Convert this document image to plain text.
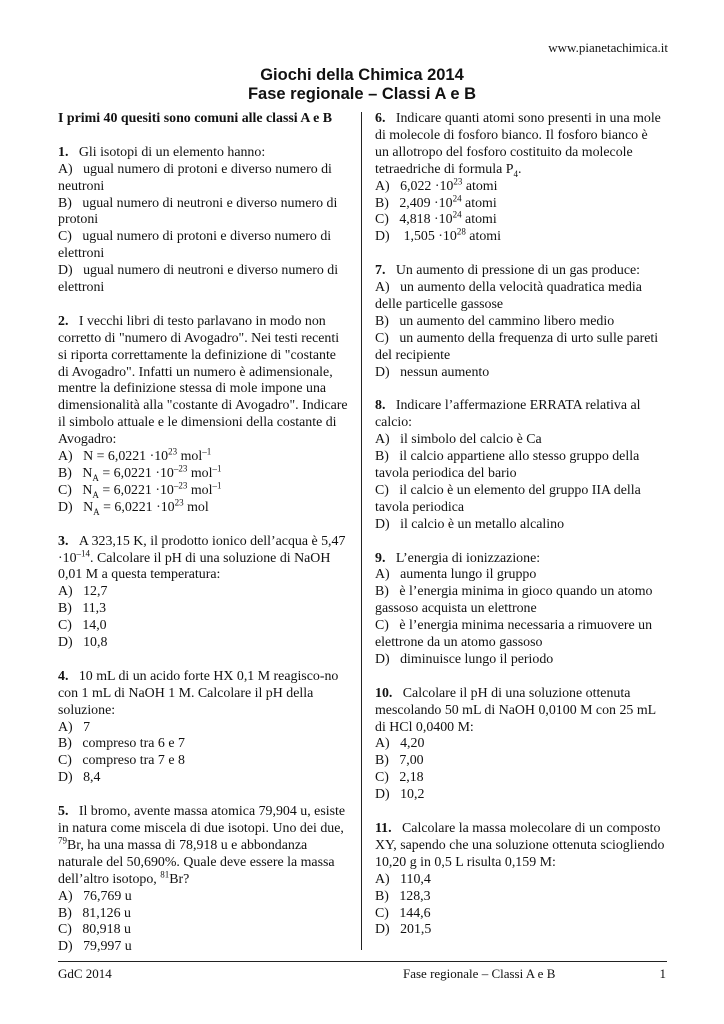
www.pianetachimica.it
Giochi della Chimica 2014
Fase regionale – Classi A e B
I primi 40 quesiti sono comuni alle classi A e B
1. Gli isotopi di un elemento hanno:
A) ugual numero di protoni e diverso numero di neutroni
B) ugual numero di neutroni e diverso numero di protoni
C) ugual numero di protoni e diverso numero di elettroni
D) ugual numero di neutroni e diverso numero di elettroni
2. I vecchi libri di testo parlavano in modo non corretto di "numero di Avogadro". Nei testi recenti si riporta correttamente la definizione di "costante di Avogadro". Infatti un numero è adimensionale, mentre la definizione stessa di mole impone una dimensionalità alla "costante di Avogadro". Indicare il simbolo attuale e le dimensioni della costante di Avogadro:
A) $N = 6,0221 \cdot 10^{23}$ mol$^{-1}$
B) $N_A = 6,0221 \cdot 10^{-23}$ mol$^{-1}$
C) $N_A = 6,0221 \cdot 10^{-23}$ mol$^{-1}$
D) $N_A = 6,0221 \cdot 10^{23}$ mol
3. A 323,15 K, il prodotto ionico dell’acqua è $5,47 \cdot 10^{-14}$. Calcolare il pH di una soluzione di NaOH 0,01 M a questa temperatura:
A) 12,7
B) 11,3
C) 14,0
D) 10,8
4. 10 mL di un acido forte HX 0,1 M reagisco-no con 1 mL di NaOH 1 M. Calcolare il pH della soluzione:
A) 7
B) compreso tra 6 e 7
C) compreso tra 7 e 8
D) 8,4
5. Il bromo, avente massa atomica 79,904 u, esiste in natura come miscela di due isotopi. Uno dei due, $^{79}$Br, ha una massa di 78,918 u e abbondanza naturale del 50,690%. Quale deve essere la massa dell’altro isotopo, $^{81}$Br?
A) 76,769 u
B) 81,126 u
C) 80,918 u
D) 79,997 u
6. Indicare quanti atomi sono presenti in una mole di molecole di fosforo bianco. Il fosforo bianco è un allotropo del fosforo costituito da molecole tetraedriche di formula $P_4$.
A) $6,022 \cdot 10^{23}$ atomi
B) $2,409 \cdot 10^{24}$ atomi
C) $4,818 \cdot 10^{24}$ atomi
D) $1,505 \cdot 10^{28}$ atomi
7. Un aumento di pressione di un gas produce:
A) un aumento della velocità quadratica media delle particelle gassose
B) un aumento del cammino libero medio
C) un aumento della frequenza di urto sulle pareti del recipiente
D) nessun aumento
8. Indicare l’affermazione ERRATA relativa al calcio:
A) il simbolo del calcio è Ca
B) il calcio appartiene allo stesso gruppo della tavola periodica del bario
C) il calcio è un elemento del gruppo IIA della tavola periodica
D) il calcio è un metallo alcalino
9. L’energia di ionizzazione:
A) aumenta lungo il gruppo
B) è l’energia minima in gioco quando un atomo gassoso acquista un elettrone
C) è l’energia minima necessaria a rimuovere un elettrone da un atomo gassoso
D) diminuisce lungo il periodo
10. Calcolare il pH di una soluzione ottenuta mescolando 50 mL di NaOH 0,0100 M con 25 mL di HCl 0,0400 M:
A) 4,20
B) 7,00
C) 2,18
D) 10,2
11. Calcolare la massa molecolare di un composto XY, sapendo che una soluzione ottenuta sciogliendo 10,20 g in 0,5 L risulta 0,159 M:
A) 110,4
B) 128,3
C) 144,6
D) 201,5
GdC 2014	Fase regionale – Classi A e B	1
